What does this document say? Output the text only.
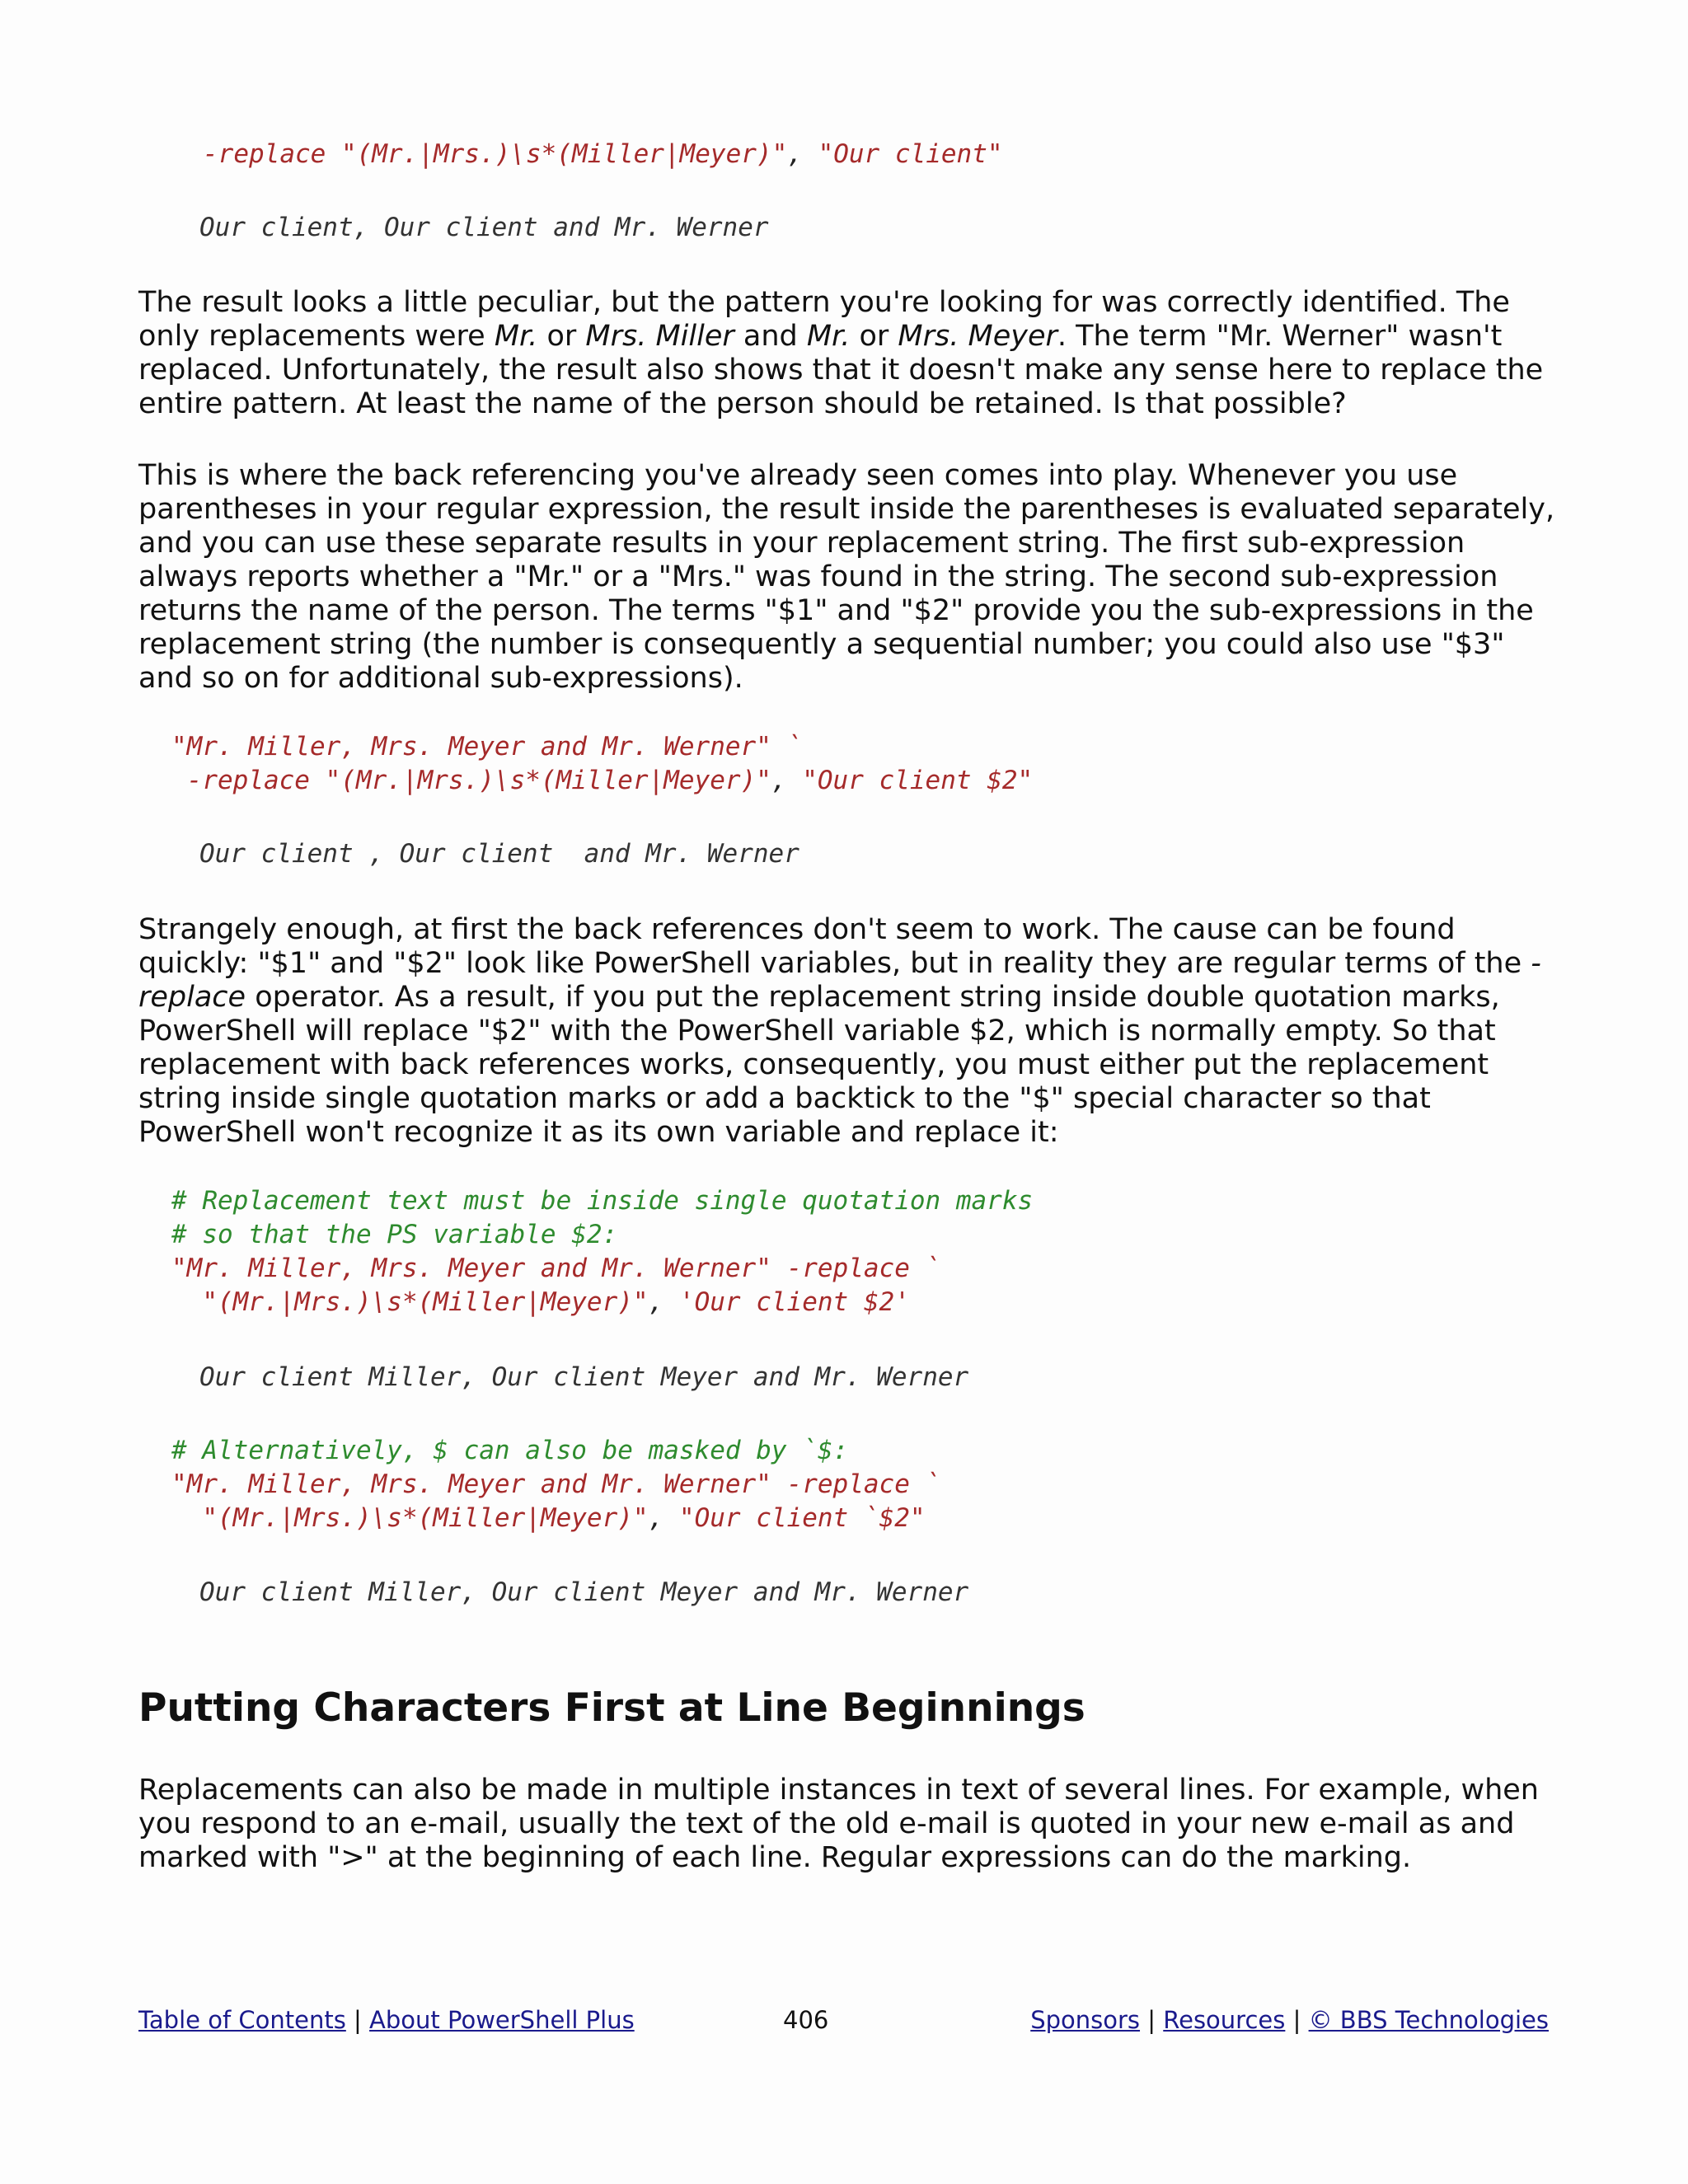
-replace "(Mr.|Mrs.)\s*(Miller|Meyer)", "Our client"
Our client, Our client and Mr. Werner

The result looks a little peculiar, but the pattern you're looking for was correctly identified. The only replacements were Mr. or Mrs. Miller and Mr. or Mrs. Meyer. The term "Mr. Werner" wasn't replaced. Unfortunately, the result also shows that it doesn't make any sense here to replace the entire pattern. At least the name of the person should be retained. Is that possible?

This is where the back referencing you've already seen comes into play. Whenever you use parentheses in your regular expression, the result inside the parentheses is evaluated separately, and you can use these separate results in your replacement string. The first sub-expression always reports whether a "Mr." or a "Mrs." was found in the string. The second sub-expression returns the name of the person. The terms "$1" and "$2" provide you the sub-expressions in the replacement string (the number is consequently a sequential number; you could also use "$3" and so on for additional sub-expressions).

"Mr. Miller, Mrs. Meyer and Mr. Werner" `
-replace "(Mr.|Mrs.)\s*(Miller|Meyer)", "Our client $2"
Our client , Our client  and Mr. Werner

Strangely enough, at first the back references don't seem to work. The cause can be found quickly: "$1" and "$2" look like PowerShell variables, but in reality they are regular terms of the -replace operator. As a result, if you put the replacement string inside double quotation marks, PowerShell will replace "$2" with the PowerShell variable $2, which is normally empty. So that replacement with back references works, consequently, you must either put the replacement string inside single quotation marks or add a backtick to the "$" special character so that PowerShell won't recognize it as its own variable and replace it:

# Replacement text must be inside single quotation marks
# so that the PS variable $2:
"Mr. Miller, Mrs. Meyer and Mr. Werner" -replace `
"(Mr.|Mrs.)\s*(Miller|Meyer)", 'Our client $2'
Our client Miller, Our client Meyer and Mr. Werner
# Alternatively, $ can also be masked by `$:
"Mr. Miller, Mrs. Meyer and Mr. Werner" -replace `
"(Mr.|Mrs.)\s*(Miller|Meyer)", "Our client `$2"
Our client Miller, Our client Meyer and Mr. Werner
Putting Characters First at Line Beginnings

Replacements can also be made in multiple instances in text of several lines. For example, when you respond to an e-mail, usually the text of the old e-mail is quoted in your new e-mail as and marked with ">" at the beginning of each line. Regular expressions can do the marking.

Table of Contents | About PowerShell Plus	406	Sponsors | Resources | © BBS Technologies
